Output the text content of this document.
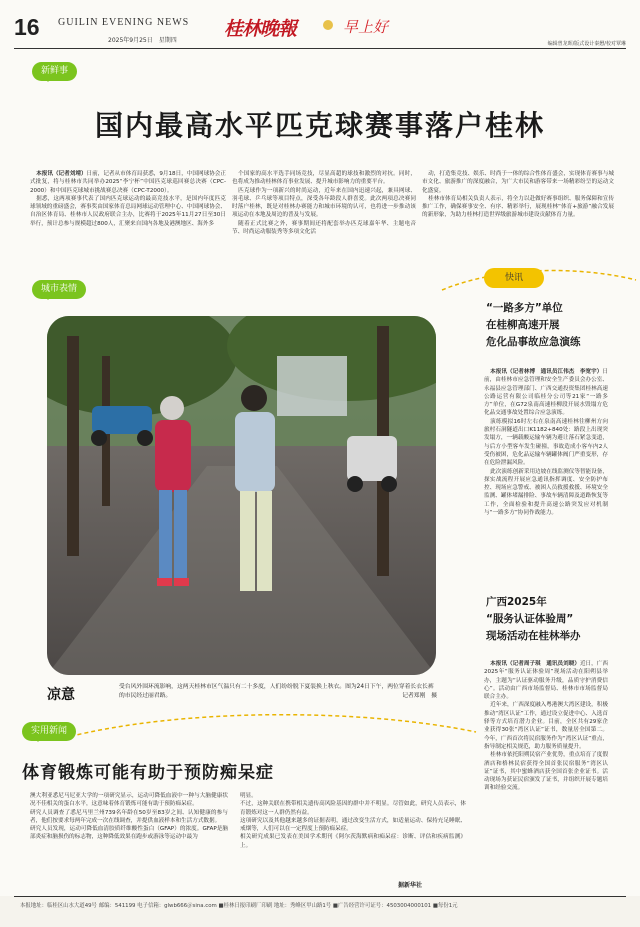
16 GUILIN EVENING NEWS
2025年9月25日　星期四
桂林晚報	早上好
编辑曾龙晖/版式设计秦懋/校对覃琳
新鲜事
国内最高水平匹克球赛事落户桂林

本报讯（记者刘靖）日前，记者从市体育局获悉，9月18日，中国网球协会正式批复，将与桂林市共同举办2025“李宁杯”中国匹克球巡回赛总决赛（CPC-2000）和中国匹克球城市挑战赛总决赛（CPC-T2000）。

据悉，这两项赛事代表了国内匹克球运动的最高竞技水平，是国内年度匹克球领域的重磅盛会，赛事奖由国家体育总局网球运动管理中心、中国网球协会、自治区体育局、桂林市人民政府联合主办，比赛将于2025年11月27日至30日举行，预计总参与规模超过800人，汇聚来自国内各地及港澳地区、海外多

个国家的高水平选手同场竞技，尽显高超的球技和激烈的对抗。同时，也将成为推动桂林体育事业发展、提升城市影响力的重要平台。

匹克球作为一项新兴的时尚运动，近年来在国内迅速兴起，兼具网球、羽毛球、乒乓球等项目特点，深受各年龄段人群喜爱。此次两项总决赛同时落户桂林，既是对桂林办赛能力和城市环境的认可，也将进一步推动该项运动在本地及周边的普及与发展。

随着正式比赛之外，赛事期间还将配套举办匹克球嘉年华、主题电音节、时尚运动服装秀等多项文化活

动，打造集竞技、娱乐、时尚于一体的综合性体育盛会，实现体育赛事与城市文化、旅游推广的深度融合，为广大市民和游客带来一场精彩纷呈的运动文化盛宴。

桂林市体育局相关负责人表示，将全力以赴做好赛事组织、服务保障和宣传推广工作，确保赛事安全、有序、精彩举行，展现桂林“体育+旅游”融合发展的新形象，为助力桂林打造世界级旅游城市建设贡献体育力量。

城市表情
凉意	受台风外围环流影响，这两天桂林市区气温只有二十多度，人们纷纷脱下夏装换上秋衣。图为24日下午，两位穿着长衣长裤的市民经过丽君路。	记者郑刚　摄
快讯
“一路多方”单位
在桂柳高速开展
危化品事故应急演练

本报讯（记者林博　通讯员江伟杰　李宽宇）日前，由桂林市应急管理和安全生产委员会办公室、永福县应急管理部门、广西交通投资集团桂林高速公路运营有限公司临桂分公司等21家“一路多方”单位，在G72泉南高速桂柳段开展水毁塌方危化品交通事故处置综合应急演练。

演练模拟16时左右在泉南高速桂林往柳州方向旅村石洞隧道出口K1182+840处：路段上出现突发塌方，一辆载酸运输车辆为避让落石紧急变道，与后方小型客车发生碰撞，事故造成小客车内2人受伤被困，危化品运输车辆罐体阀门严重变形，存在危险泄漏风险。

此次演练创新采用边坡在线监测仪等智能设备，探实战流程开展应急通讯指挥调度、安全防护布控、现场应急警戒、被困人员救援救援、环境安全监测、罐体堵漏排险、事故车辆清障及道路恢复等工作，全面检验和提升高速公路突发应对机制与“一路多方”协同作战能力。

广西2025年
“服务认证体验周”
现场活动在桂林举办

本报讯（记者周子琪　通讯员刘晓）近日，广西2025年“服务认证体验周”现场活动在阳朔县举办，主题为“认证驱动服务升级，品质守护消费信心”。活动由广西市场监督局、桂林市市场监督局联合主办。

近年来，广西深度融入粤港澳大湾区建设，积极推动“湾区认证”工作，通过设立促进中心、入选首驿等方式培育潜力企业。目前，全区共有29家企业获得30张“湾区认证”证书，数量居全国第二。今年，广西首次将民宿服务作为“湾区认证”重点，指导制定相关规范，助力服务质量提升。

桂林市依托阳朔民宿产业优势，重点培育了度假酒店和格林民宿获得全国首张民宿服务“湾区认证”证书，其中蜜蜂酒店获全国首张企业证书。活动现场为获证民宿颁发了证书，并组织开展专题培训和经验交流。

实用新闻
体育锻炼可能有助于预防痴呆症
澳大利亚悉尼马尼亚大学的一项研究显示，运动可降低血液中一种与大脑健康状况不佳相关的蛋白水平，这意味着体育锻炼可能有助于预防痴呆症。
研究人员调查了悉尼马里兰州739名年龄在50岁至83岁之间、认知健康的参与者，他们按要求每两年完成一次在线调查，并提供血液样本和生活方式数据。
研究人员发现，运动可降低血清胶质纤维酸性蛋白（GFAP）的浓度。GFAP是脑部炎症和脑损伤的标志物，这种降低效果在跑步或游泳等运动中最为
明显。
不过，这种关联在携带相关遗传高风险基因的群中并不明显。尽管如此，研究人员表示，体育锻炼对这一人群仍然有益。
这项研究以及其他越来越多的证据表明，通过改变生活方式，如适量运动、保持充足睡眠、戒烟等，人们可以在一定程度上预防痴呆症。
相关研究成果已发表在美国学术期刊《阿尔茨海默病和痴呆症：诊断、评估和疾病监测》上。
据新华社
本报地址：临桂区山水大道49号 邮编：541199 电子信箱：glwb666＠sina.com ■桂林日报印刷厂印刷 地址：秀峰区甲山路1号 ■广告经营许可证号：4503004000101 ■每份1元
